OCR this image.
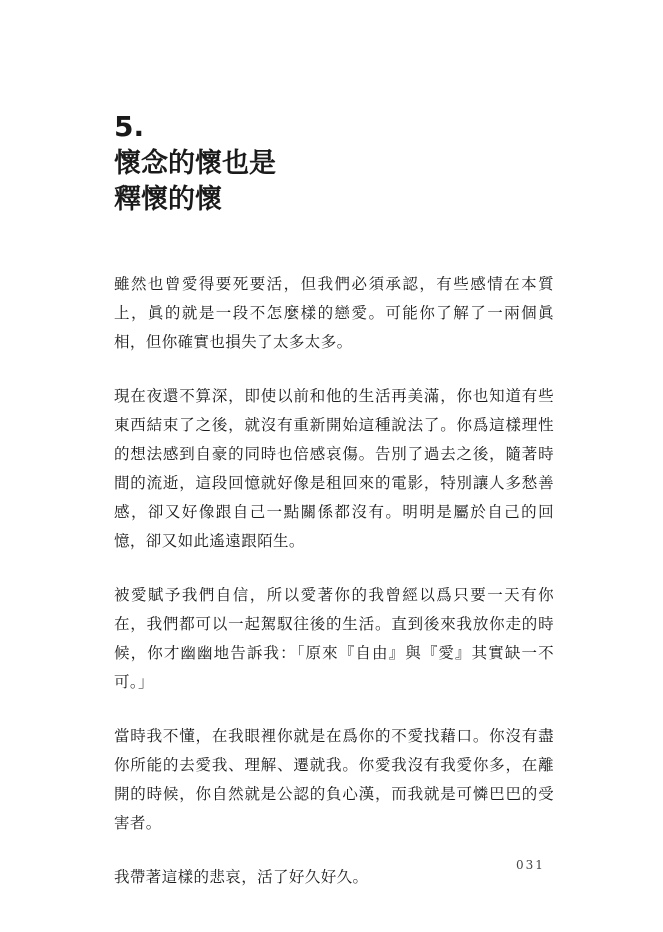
5.
懷念的懷也是
釋懷的懷

雖然也曾愛得要死要活，但我們必須承認，有些感情在本質上，眞的就是一段不怎麼樣的戀愛。可能你了解了一兩個眞相，但你確實也損失了太多太多。

現在夜還不算深，即使以前和他的生活再美滿，你也知道有些東西結束了之後，就沒有重新開始這種說法了。你爲這樣理性的想法感到自豪的同時也倍感哀傷。告別了過去之後，隨著時間的流逝，這段回憶就好像是租回來的電影，特別讓人多愁善感，卻又好像跟自己一點關係都沒有。明明是屬於自己的回憶，卻又如此遙遠跟陌生。

被愛賦予我們自信，所以愛著你的我曾經以爲只要一天有你在，我們都可以一起駕馭往後的生活。直到後來我放你走的時候，你才幽幽地告訴我：「原來『自由』與『愛』其實缺一不可。」

當時我不懂，在我眼裡你就是在爲你的不愛找藉口。你沒有盡你所能的去愛我、理解、遷就我。你愛我沒有我愛你多，在離開的時候，你自然就是公認的負心漢，而我就是可憐巴巴的受害者。

我帶著這樣的悲哀，活了好久好久。

031
